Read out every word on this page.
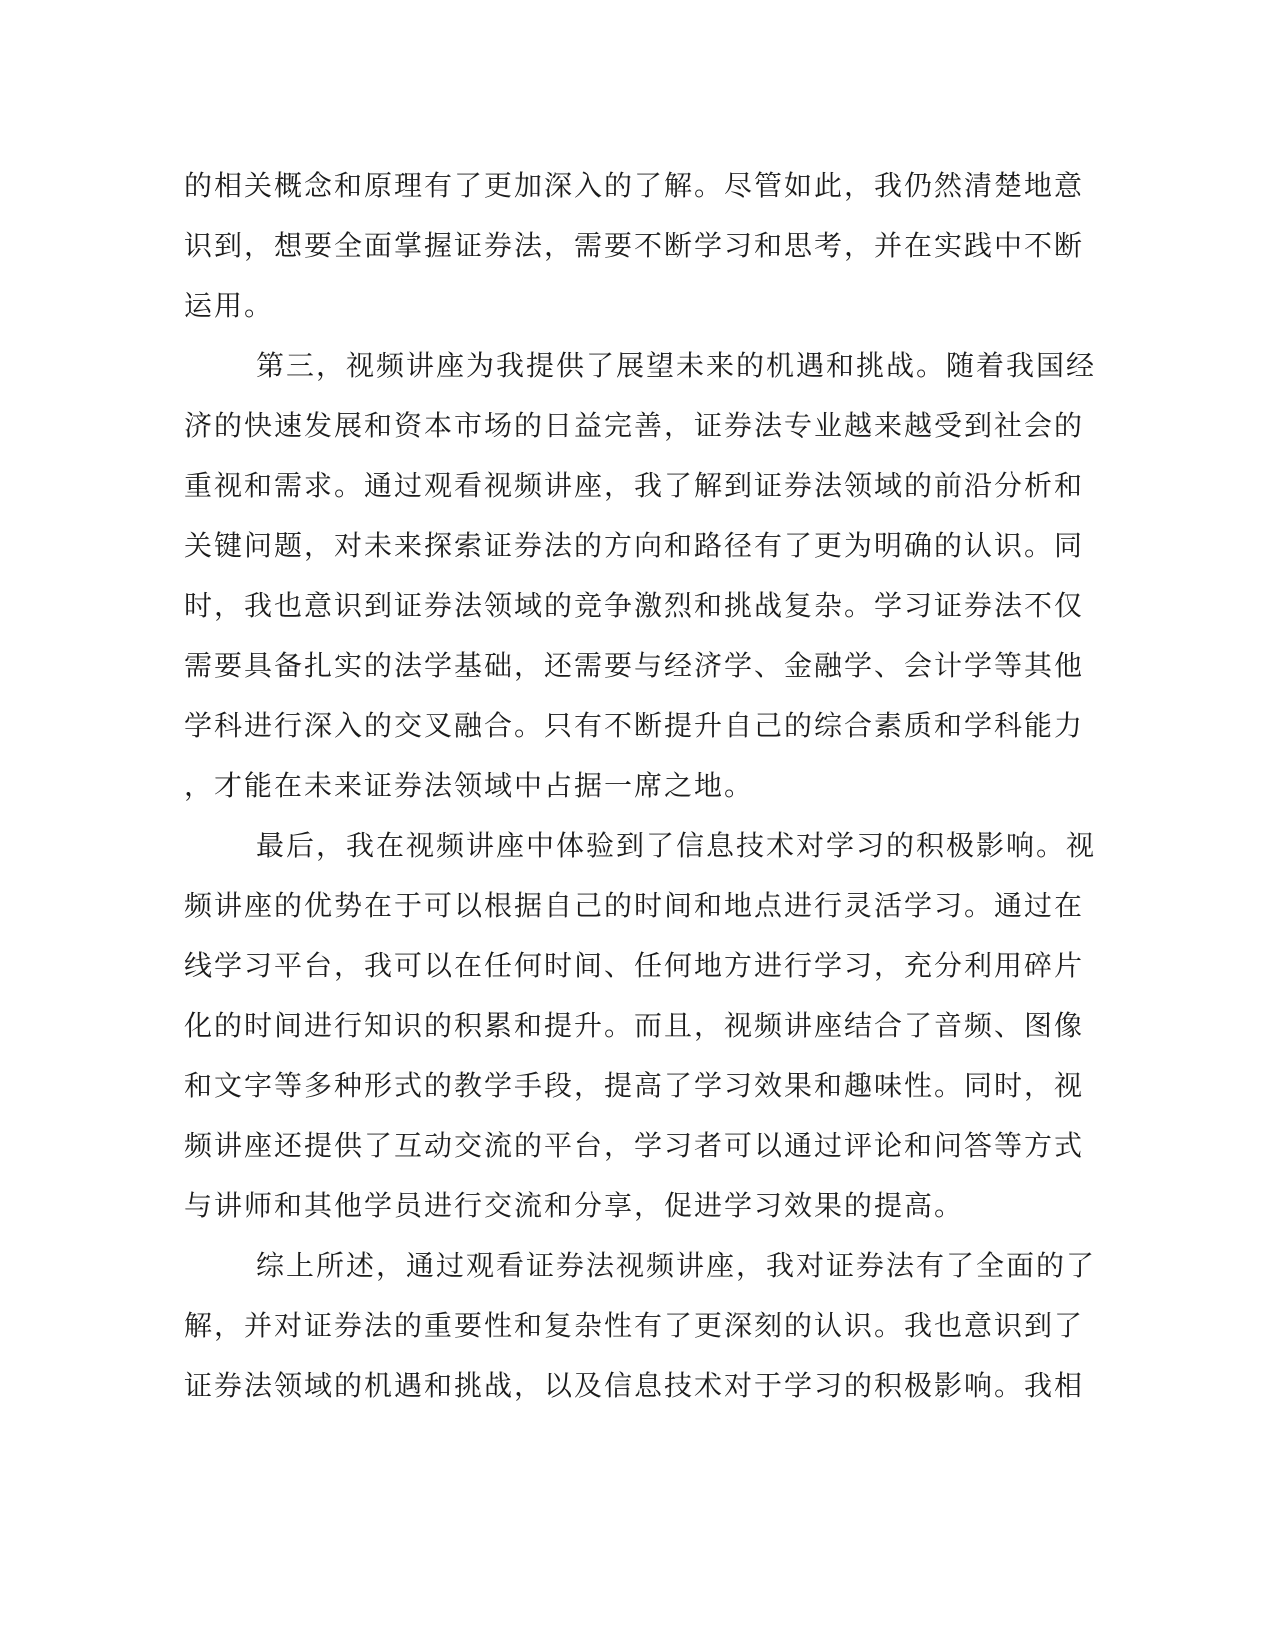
的相关概念和原理有了更加深入的了解。尽管如此，我仍然清楚地意
识到，想要全面掌握证券法，需要不断学习和思考，并在实践中不断
运用。
第三，视频讲座为我提供了展望未来的机遇和挑战。随着我国经
济的快速发展和资本市场的日益完善，证券法专业越来越受到社会的
重视和需求。通过观看视频讲座，我了解到证券法领域的前沿分析和
关键问题，对未来探索证券法的方向和路径有了更为明确的认识。同
时，我也意识到证券法领域的竞争激烈和挑战复杂。学习证券法不仅
需要具备扎实的法学基础，还需要与经济学、金融学、会计学等其他
学科进行深入的交叉融合。只有不断提升自己的综合素质和学科能力
，才能在未来证券法领域中占据一席之地。
最后，我在视频讲座中体验到了信息技术对学习的积极影响。视
频讲座的优势在于可以根据自己的时间和地点进行灵活学习。通过在
线学习平台，我可以在任何时间、任何地方进行学习，充分利用碎片
化的时间进行知识的积累和提升。而且，视频讲座结合了音频、图像
和文字等多种形式的教学手段，提高了学习效果和趣味性。同时，视
频讲座还提供了互动交流的平台，学习者可以通过评论和问答等方式
与讲师和其他学员进行交流和分享，促进学习效果的提高。
综上所述，通过观看证券法视频讲座，我对证券法有了全面的了
解，并对证券法的重要性和复杂性有了更深刻的认识。我也意识到了
证券法领域的机遇和挑战，以及信息技术对于学习的积极影响。我相
